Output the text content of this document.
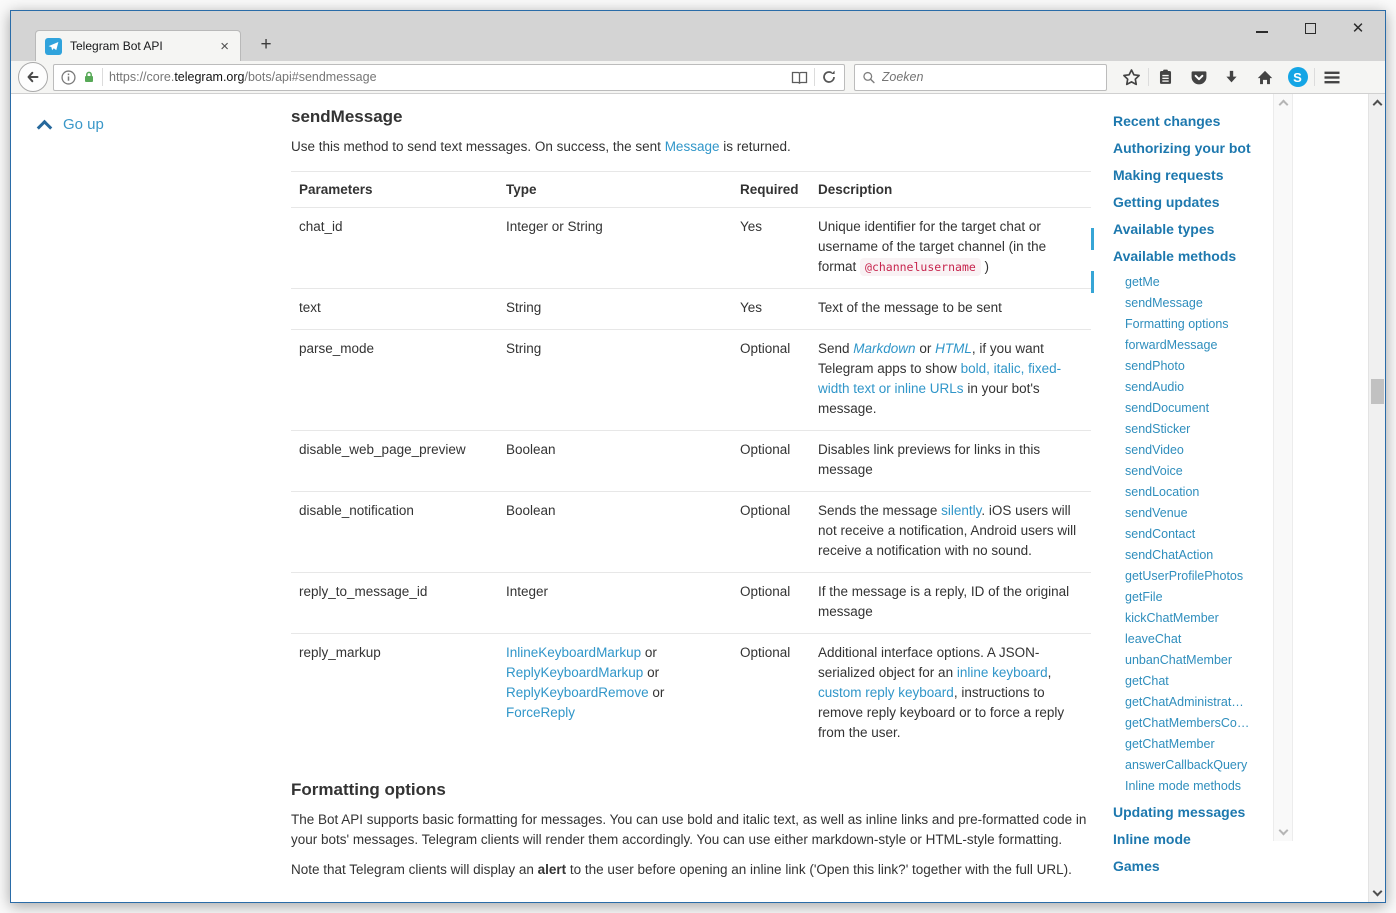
Telegram Bot API	×	+
✕
https://core.telegram.org/bots/api#sendmessage
Zoeken	S
Go up	sendMessage

Use this method to send text messages. On success, the sent Message is returned.

Parameters	Type	Required	Description
chat_id	Integer or String	Yes	Unique identifier for the target chat or username of the target channel (in the format @channelusername )
text	String	Yes	Text of the message to be sent
parse_mode	String	Optional	Send Markdown or HTML, if you want Telegram apps to show bold, italic, fixed-width text or inline URLs in your bot's message.
disable_web_page_preview	Boolean	Optional	Disables link previews for links in this message
disable_notification	Boolean	Optional	Sends the message silently. iOS users will not receive a notification, Android users will receive a notification with no sound.
reply_to_message_id	Integer	Optional	If the message is a reply, ID of the original message
reply_markup	InlineKeyboardMarkup or ReplyKeyboardMarkup or ReplyKeyboardRemove or ForceReply	Optional	Additional interface options. A JSON-serialized object for an inline keyboard, custom reply keyboard, instructions to remove reply keyboard or to force a reply from the user.
Formatting options

The Bot API supports basic formatting for messages. You can use bold and italic text, as well as inline links and pre-formatted code in your bots' messages. Telegram clients will render them accordingly. You can use either markdown-style or HTML-style formatting.

Note that Telegram clients will display an alert to the user before opening an inline link ('Open this link?' together with the full URL).

Recent changes
Authorizing your bot
Making requests
Getting updates
Available types
Available methods
getMe
sendMessage
Formatting options
forwardMessage
sendPhoto
sendAudio
sendDocument
sendSticker
sendVideo
sendVoice
sendLocation
sendVenue
sendContact
sendChatAction
getUserProfilePhotos
getFile
kickChatMember
leaveChat
unbanChatMember
getChat
getChatAdministrat…
getChatMembersCo…
getChatMember
answerCallbackQuery
Inline mode methods
Updating messages
Inline mode
Games
